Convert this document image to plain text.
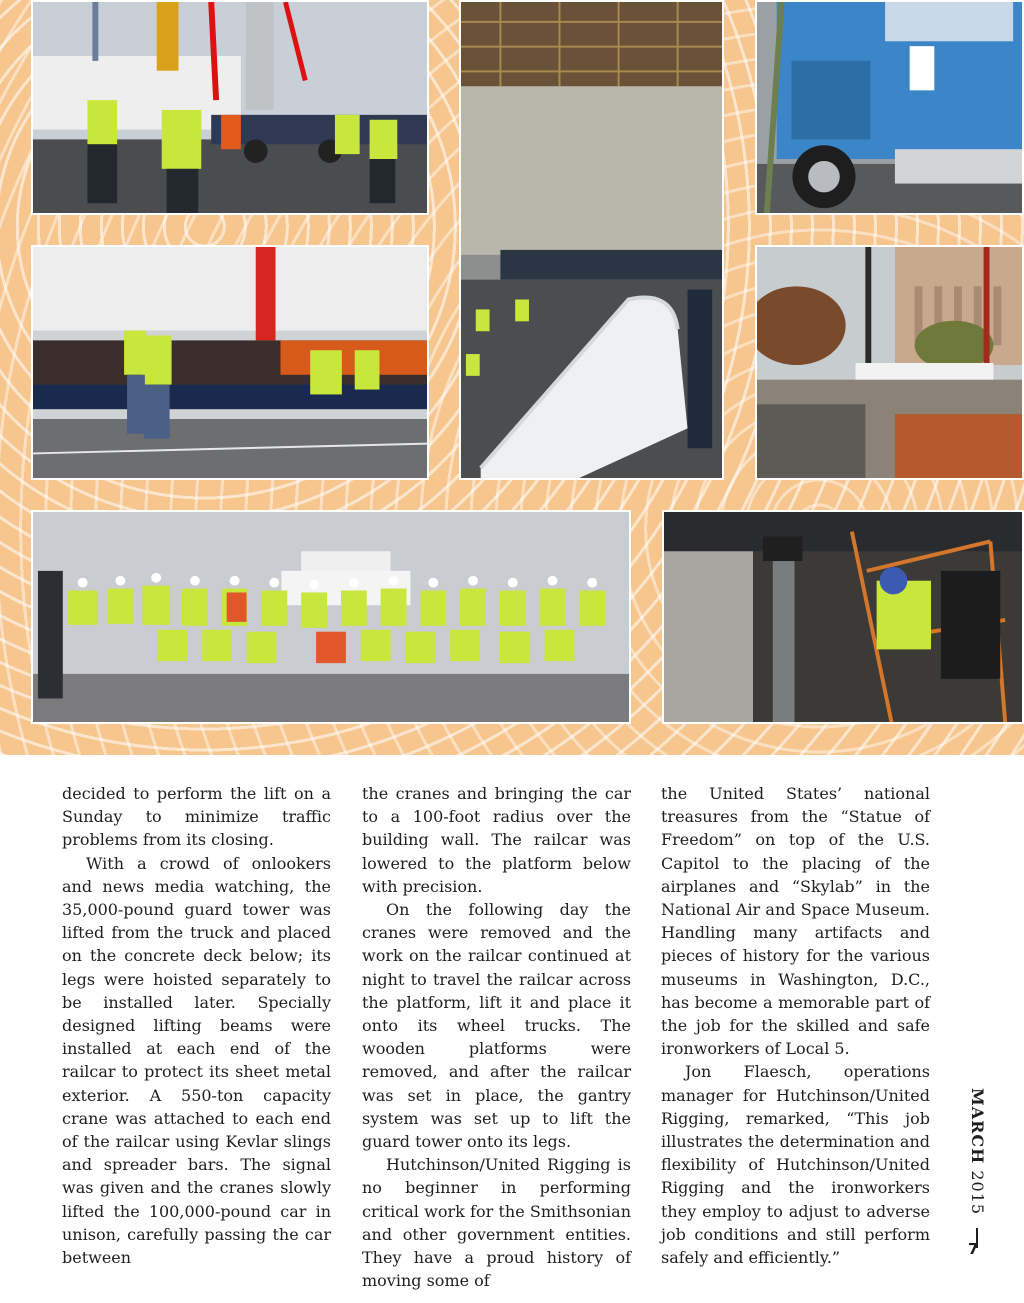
decided to perform the lift on a Sunday to minimize traffic problems from its closing.

With a crowd of onlookers and news media watching, the 35,000-pound guard tower was lifted from the truck and placed on the concrete deck below; its legs were hoisted separately to be installed later. Specially designed lifting beams were installed at each end of the railcar to protect its sheet metal exterior. A 550-ton capacity crane was attached to each end of the railcar using Kevlar slings and spreader bars. The signal was given and the cranes slowly lifted the 100,000-pound car in unison, carefully passing the car between

the cranes and bringing the car to a 100-foot radius over the building wall. The railcar was lowered to the platform below with precision.

On the following day the cranes were removed and the work on the railcar continued at night to travel the railcar across the platform, lift it and place it onto its wheel trucks. The wooden platforms were removed, and after the railcar was set in place, the gantry system was set up to lift the guard tower onto its legs.

Hutchinson/United Rigging is no beginner in performing critical work for the Smithsonian and other government entities. They have a proud history of moving some of

the United States’ national treasures from the “Statue of Freedom” on top of the U.S. Capitol to the placing of the airplanes and “Skylab” in the National Air and Space Museum. Handling many artifacts and pieces of history for the various museums in Washington, D.C., has become a memorable part of the job for the skilled and safe ironworkers of Local 5.

Jon Flaesch, operations manager for Hutchinson/United Rigging, remarked, “This job illustrates the determination and flexibility of Hutchinson/United Rigging and the ironworkers they employ to adjust to adverse job conditions and still perform safely and efficiently.”

MARCH 2015
7
